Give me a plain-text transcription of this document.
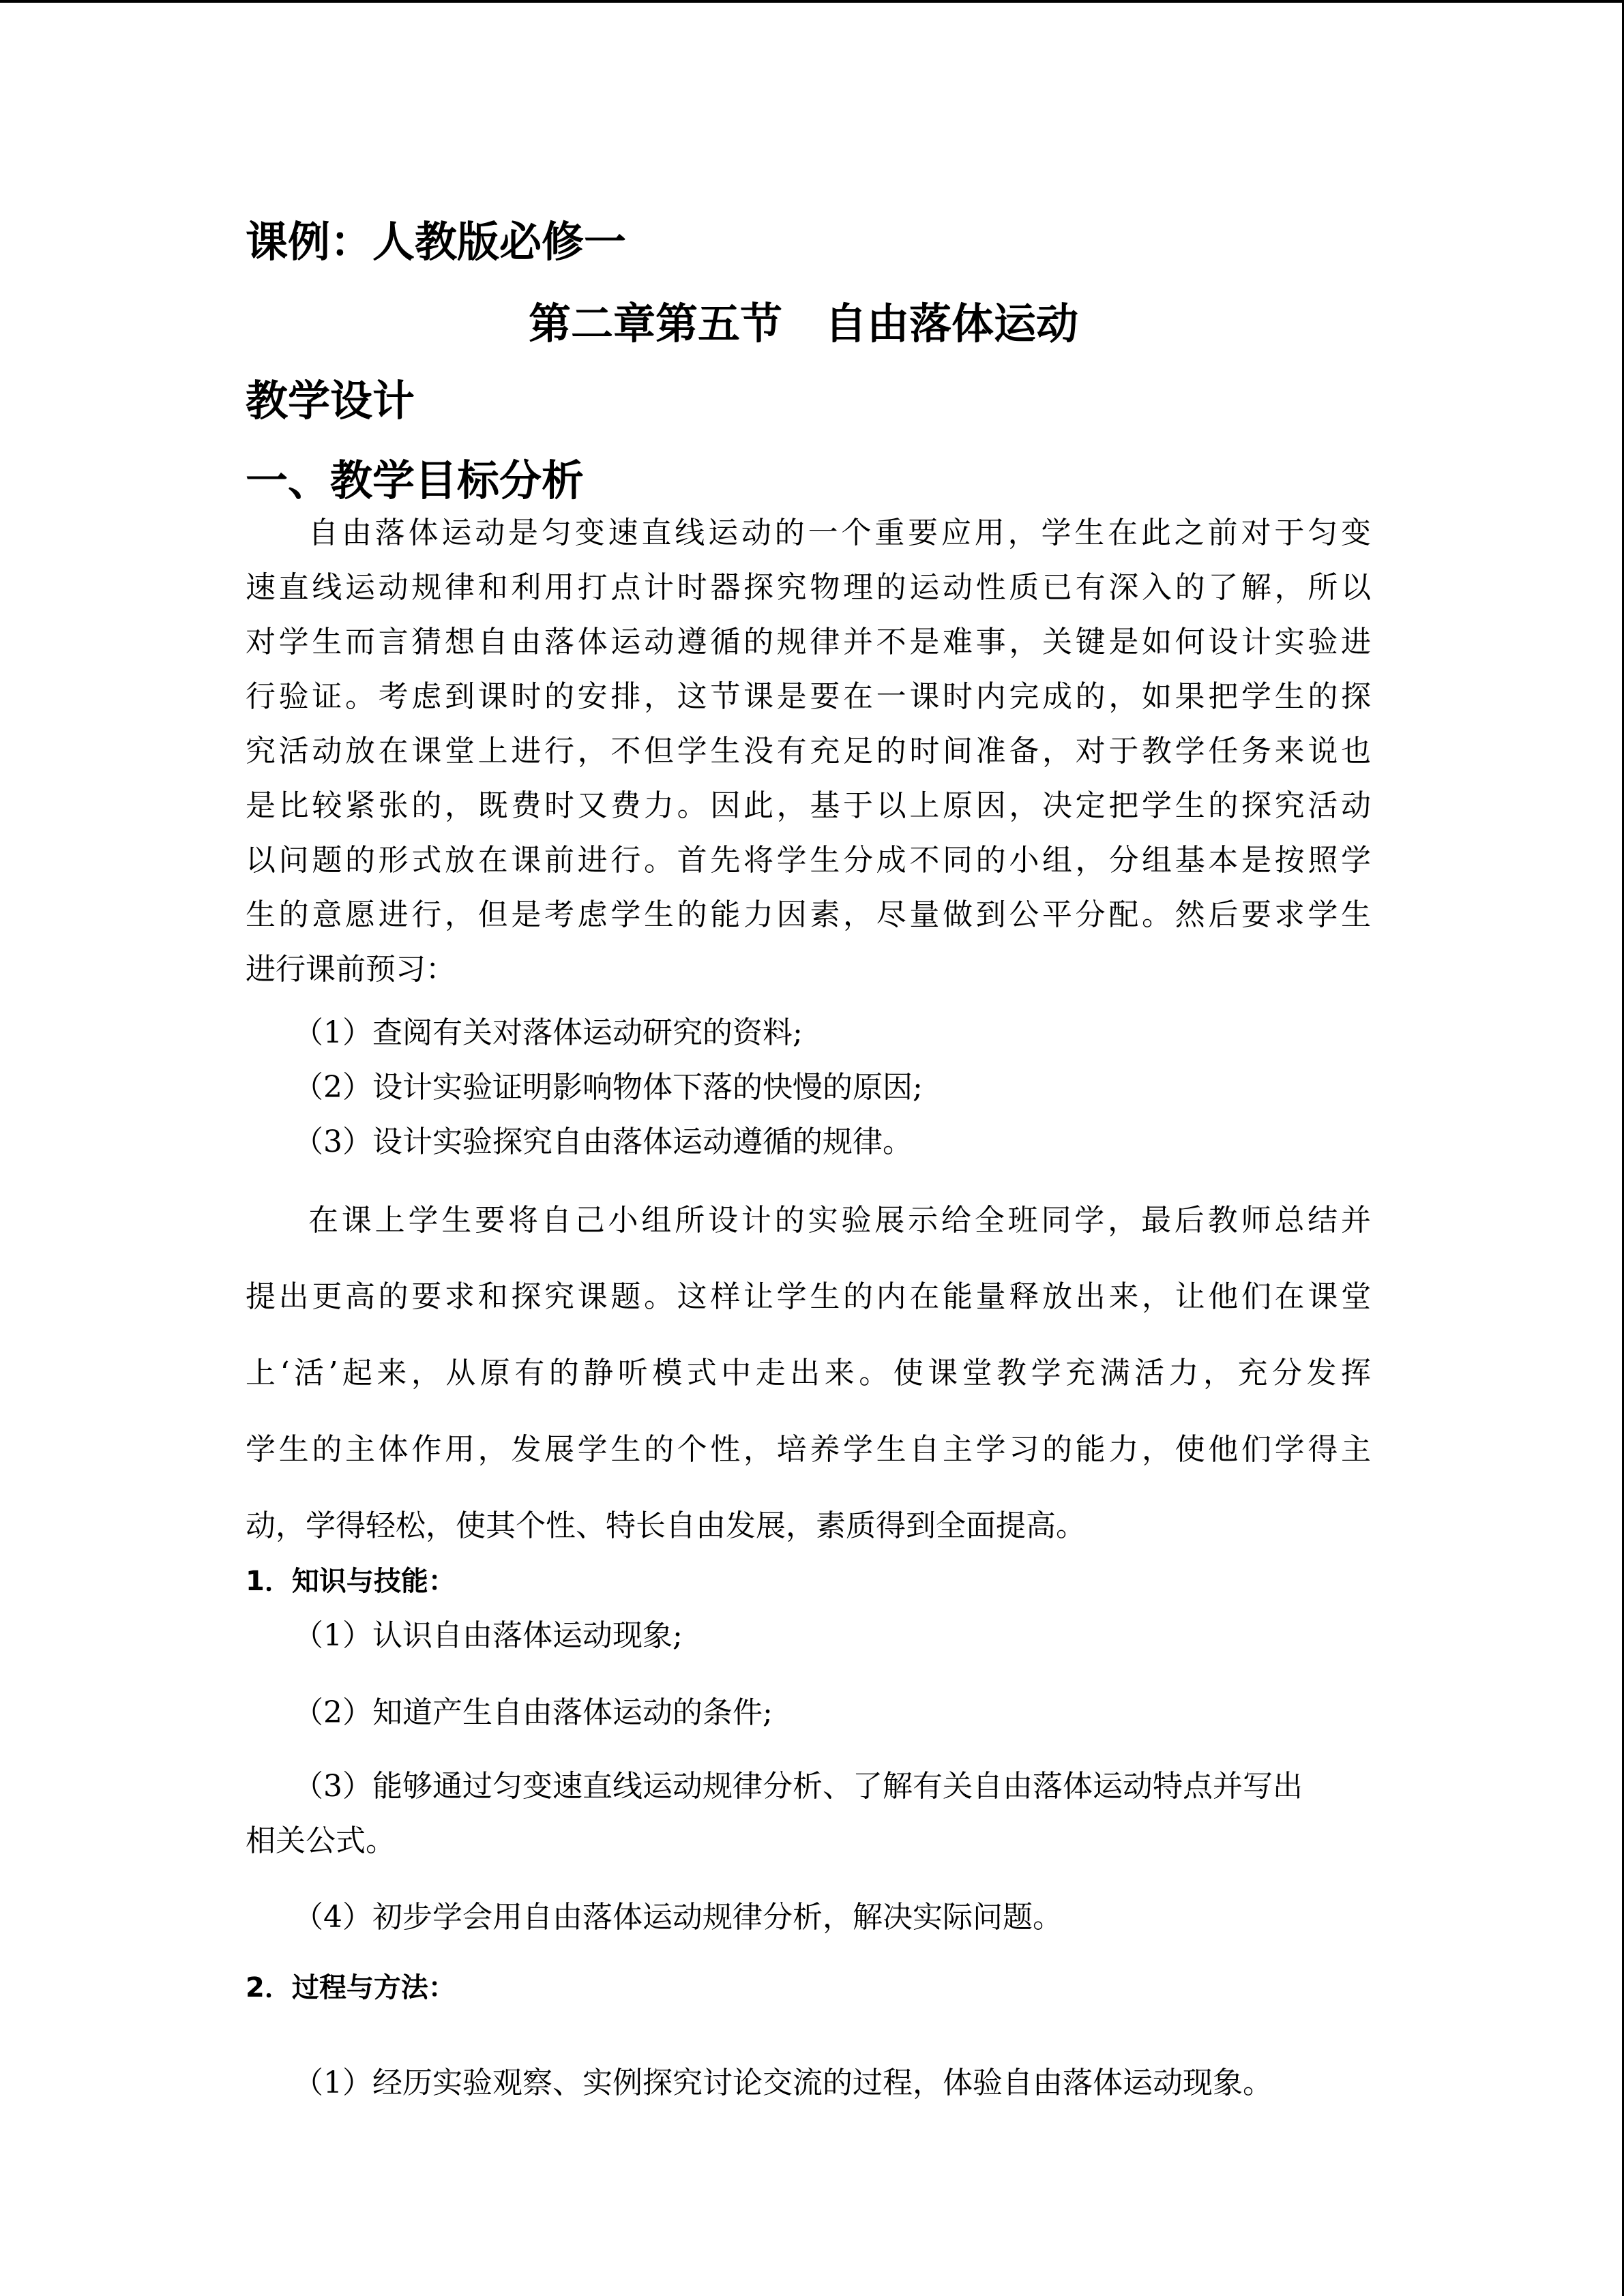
课例：人教版必修一
第二章第五节　自由落体运动
教学设计
一、教学目标分析
自由落体运动是匀变速直线运动的一个重要应用，学生在此之前对于匀变
速直线运动规律和利用打点计时器探究物理的运动性质已有深入的了解，所以
对学生而言猜想自由落体运动遵循的规律并不是难事，关键是如何设计实验进
行验证。考虑到课时的安排，这节课是要在一课时内完成的，如果把学生的探
究活动放在课堂上进行，不但学生没有充足的时间准备，对于教学任务来说也
是比较紧张的，既费时又费力。因此，基于以上原因，决定把学生的探究活动
以问题的形式放在课前进行。首先将学生分成不同的小组，分组基本是按照学
生的意愿进行，但是考虑学生的能力因素，尽量做到公平分配。然后要求学生
进行课前预习：
（1）查阅有关对落体运动研究的资料;
（2）设计实验证明影响物体下落的快慢的原因;
（3）设计实验探究自由落体运动遵循的规律。
在课上学生要将自己小组所设计的实验展示给全班同学，最后教师总结并
提出更高的要求和探究课题。这样让学生的内在能量释放出来，让他们在课堂
上‘活’起来，从原有的静听模式中走出来。使课堂教学充满活力，充分发挥
学生的主体作用，发展学生的个性，培养学生自主学习的能力，使他们学得主
动，学得轻松，使其个性、特长自由发展，素质得到全面提高。
1．知识与技能：
（1）认识自由落体运动现象;
（2）知道产生自由落体运动的条件;
（3）能够通过匀变速直线运动规律分析、了解有关自由落体运动特点并写出
相关公式。
（4）初步学会用自由落体运动规律分析，解决实际问题。
2．过程与方法：
（1）经历实验观察、实例探究讨论交流的过程，体验自由落体运动现象。
